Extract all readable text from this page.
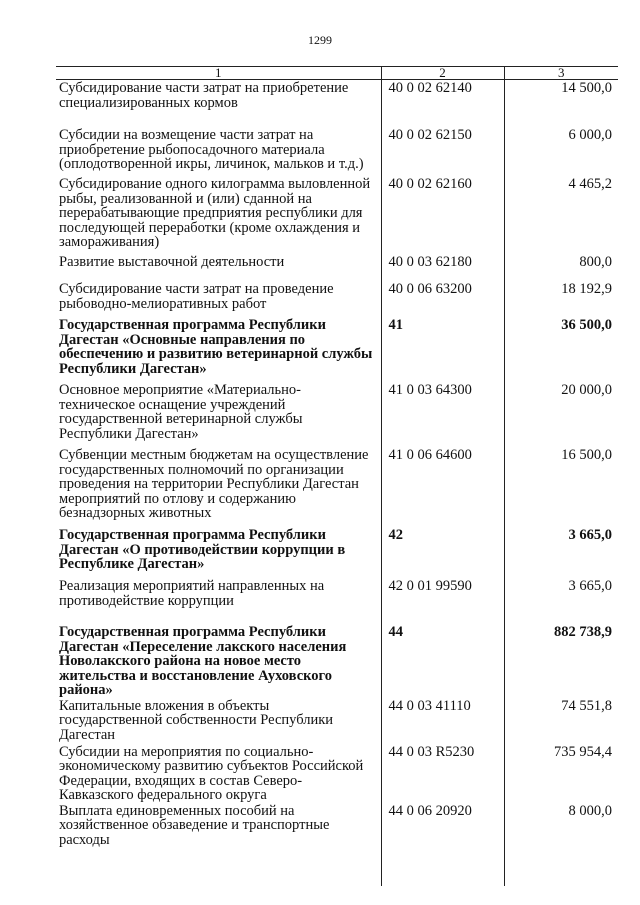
1299
1	2	3
Субсидирование части затрат на приобретение специализированных кормов	40 0 02 62140	14 500,0
Субсидии на возмещение части затрат на приобретение рыбопосадочного материала (оплодотворенной икры, личинок, мальков и т.д.)	40 0 02 62150	6 000,0
Субсидирование одного килограмма выловленной рыбы, реализованной и (или) сданной на перерабатывающие предприятия республики для последующей переработки (кроме охлаждения и замораживания)	40 0 02 62160	4 465,2
Развитие выставочной деятельности	40 0 03 62180	800,0
Субсидирование части затрат на проведение рыбоводно-мелиоративных работ	40 0 06 63200	18 192,9
Государственная программа Республики Дагестан «Основные направления по обеспечению и развитию ветеринарной службы Республики Дагестан»	41	36 500,0
Основное мероприятие «Материально-техническое оснащение учреждений государственной ветеринарной службы Республики Дагестан»	41 0 03 64300	20 000,0
Субвенции местным бюджетам на осуществление государственных полномочий по организации проведения на территории Республики Дагестан мероприятий по отлову и содержанию безнадзорных животных	41 0 06 64600	16 500,0
Государственная программа Республики Дагестан «О противодействии коррупции в Республике Дагестан»	42	3 665,0
Реализация мероприятий направленных на противодействие коррупции	42 0 01 99590	3 665,0
Государственная программа Республики Дагестан «Переселение лакского населения Новолакского района на новое место жительства и восстановление Ауховского района»	44	882 738,9
Капитальные вложения в объекты государственной собственности Республики Дагестан	44 0 03 41110	74 551,8
Субсидии на мероприятия по социально-экономическому развитию субъектов Российской Федерации, входящих в состав Северо-Кавказского федерального округа	44 0 03 R5230	735 954,4
Выплата единовременных пособий на хозяйственное обзаведение и транспортные расходы	44 0 06 20920	8 000,0
